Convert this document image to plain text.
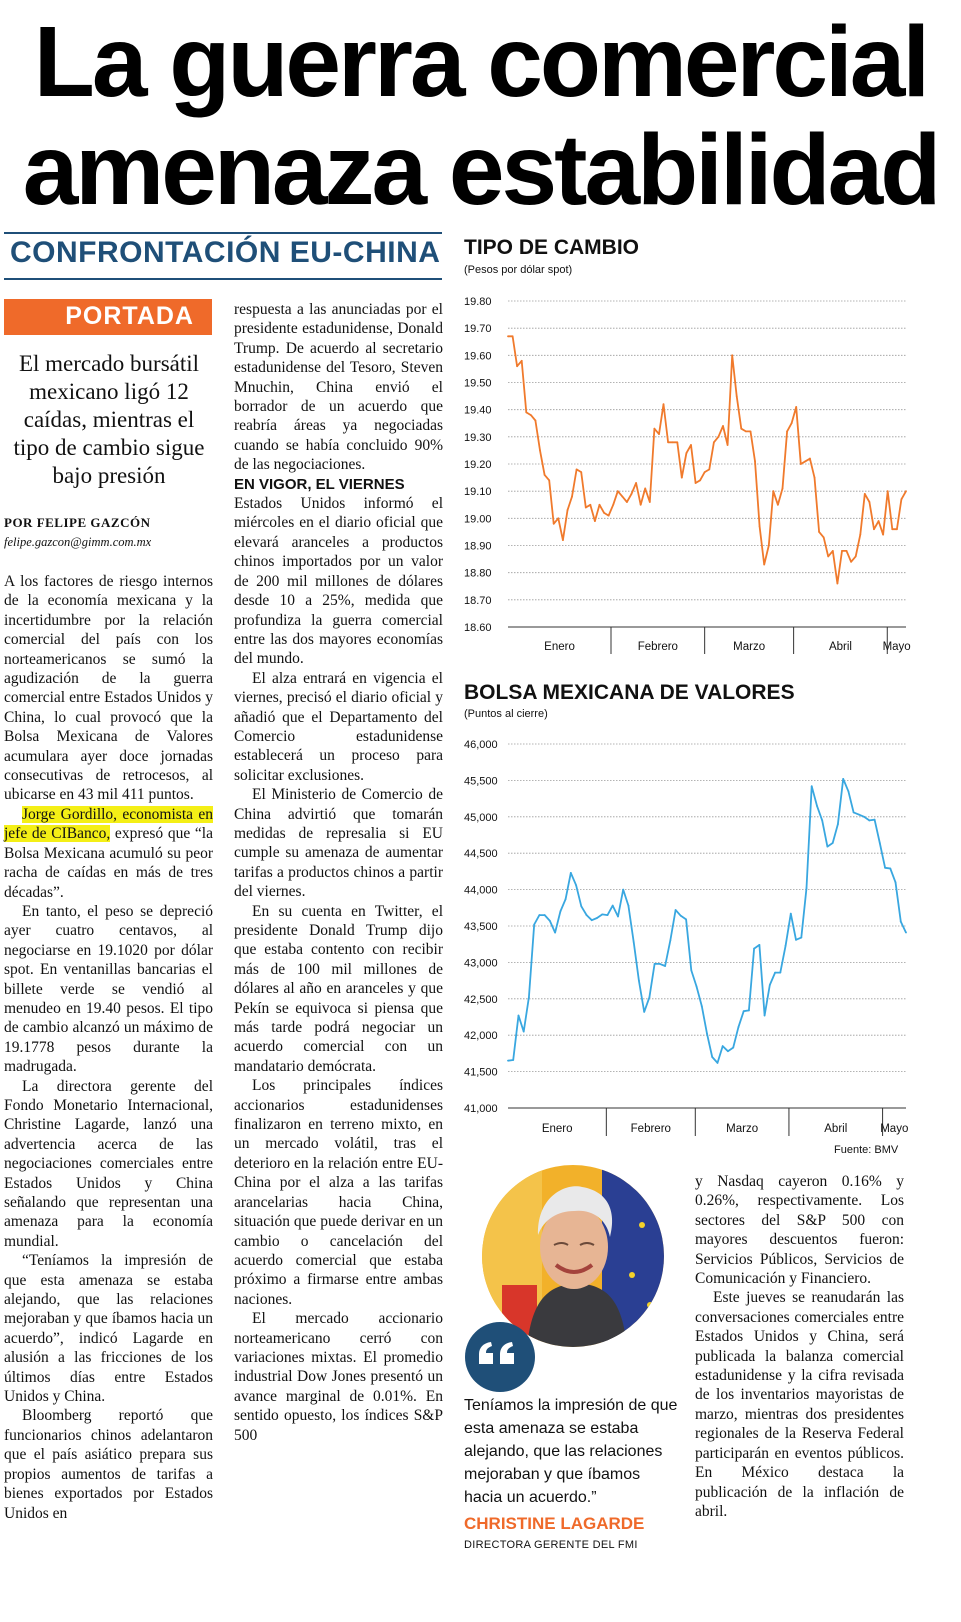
La guerra comercial
amenaza estabilidad
CONFRONTACIÓN EU-CHINA
PORTADA
El mercado bursátil mexicano ligó 12 caídas, mientras el tipo de cambio sigue bajo presión
POR FELIPE GAZCÓN
felipe.gazcon@gimm.com.mx

A los factores de riesgo internos de la economía mexicana y la incertidumbre por la relación comercial del país con los norteamericanos se sumó la agudización de la guerra comercial entre Estados Unidos y China, lo cual provocó que la Bolsa Mexicana de Valores acumulara ayer doce jornadas consecutivas de retrocesos, al ubicarse en 43 mil 411 puntos.

Jorge Gordillo, economista en jefe de CIBanco, expresó que “la Bolsa Mexicana acumuló su peor racha de caídas en más de tres décadas”.

En tanto, el peso se depreció ayer cuatro centavos, al negociarse en 19.1020 por dólar spot. En ventanillas bancarias el billete verde se vendió al menudeo en 19.40 pesos. El tipo de cambio alcanzó un máximo de 19.1778 pesos durante la madrugada.

La directora gerente del Fondo Monetario Internacional, Christine Lagarde, lanzó una advertencia acerca de las negociaciones comerciales entre Estados Unidos y China señalando que representan una amenaza para la economía mundial.

“Teníamos la impresión de que esta amenaza se estaba alejando, que las relaciones mejoraban y que íbamos hacia un acuerdo”, indicó Lagarde en alusión a las fricciones de los últimos días entre Estados Unidos y China.

Bloomberg reportó que funcionarios chinos adelantaron que el país asiático prepara sus propios aumentos de tarifas a bienes exportados por Estados Unidos en

respuesta a las anunciadas por el presidente estadunidense, Donald Trump. De acuerdo al secretario estadunidense del Tesoro, Steven Mnuchin, China envió el borrador de un acuerdo que reabría áreas ya negociadas cuando se había concluido 90% de las negociaciones.

EN VIGOR, EL VIERNES

Estados Unidos informó el miércoles en el diario oficial que elevará aranceles a productos chinos importados por un valor de 200 mil millones de dólares desde 10 a 25%, medida que profundiza la guerra comercial entre las dos mayores economías del mundo.

El alza entrará en vigencia el viernes, precisó el diario oficial y añadió que el Departamento del Comercio estadunidense establecerá un proceso para solicitar exclusiones.

El Ministerio de Comercio de China advirtió que tomarán medidas de represalia si EU cumple su amenaza de aumentar tarifas a productos chinos a partir del viernes.

En su cuenta en Twitter, el presidente Donald Trump dijo que estaba contento con recibir más de 100 mil millones de dólares al año en aranceles y que Pekín se equivoca si piensa que más tarde podrá negociar un acuerdo comercial con un mandatario demócrata.

Los principales índices accionarios estadunidenses finalizaron en terreno mixto, en un mercado volátil, tras el deterioro en la relación entre EU-China por el alza a las tarifas arancelarias hacia China, situación que puede derivar en un cambio o cancelación del acuerdo comercial que estaba próximo a firmarse entre ambas naciones.

El mercado accionario norteamericano cerró con variaciones mixtas. El promedio industrial Dow Jones presentó un avance marginal de 0.01%. En sentido opuesto, los índices S&P 500

TIPO DE CAMBIO
(Pesos por dólar spot)
19.80
19.70
19.60
19.50
19.40
19.30
19.20
19.10
19.00
18.90
18.80
18.70
18.60
Enero	Febrero	Marzo	Abril	Mayo
BOLSA MEXICANA DE VALORES
(Puntos al cierre)
46,000
45,500
45,000
44,500
44,000
43,500
43,000
42,500
42,000
41,500
41,000
Enero	Febrero	Marzo	Abril	Mayo
Fuente: BMV
Teníamos la impresión de que esta amenaza se estaba alejando, que las relaciones mejoraban y que íbamos hacia un acuerdo.”
CHRISTINE LAGARDE
DIRECTORA GERENTE DEL FMI

y Nasdaq cayeron 0.16% y 0.26%, respectivamente. Los sectores del S&P 500 con mayores descuentos fueron: Servicios Públicos, Servicios de Comunicación y Financiero.

Este jueves se reanudarán las conversaciones comerciales entre Estados Unidos y China, será publicada la balanza comercial estadunidense y la cifra revisada de los inventarios mayoristas de marzo, mientras dos presidentes regionales de la Reserva Federal participarán en eventos públicos. En México destaca la publicación de la inflación de abril.
